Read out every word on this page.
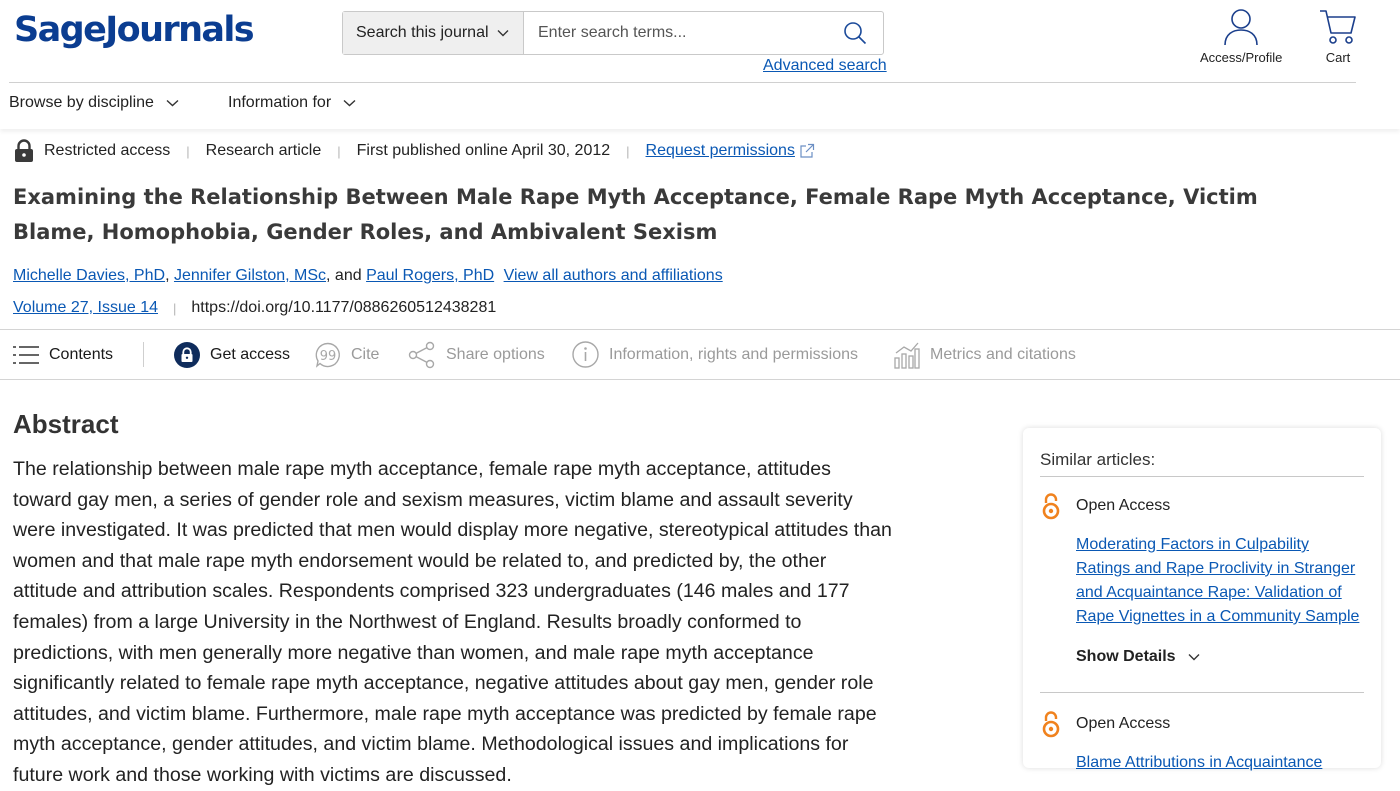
SageJournals	Search this journal
Enter search terms...
Advanced search	Access/Profile	Cart
Browse by discipline	Information for
Restricted access | Research article | First published online April 30, 2012 | Request permissions
Examining the Relationship Between Male Rape Myth Acceptance, Female Rape Myth Acceptance, Victim Blame, Homophobia, Gender Roles, and Ambivalent Sexism
Michelle Davies, PhD, Jennifer Gilston, MSc, and Paul Rogers, PhD View all authors and affiliations
Volume 27, Issue 14 | https://doi.org/10.1177/0886260512438281
Contents	Get access 99 Cite	Share options	Information, rights and permissions	Metrics and citations
Abstract

The relationship between male rape myth acceptance, female rape myth acceptance, attitudes toward gay men, a series of gender role and sexism measures, victim blame and assault severity were investigated. It was predicted that men would display more negative, stereotypical attitudes than women and that male rape myth endorsement would be related to, and predicted by, the other attitude and attribution scales. Respondents comprised 323 undergraduates (146 males and 177 females) from a large University in the Northwest of England. Results broadly conformed to predictions, with men generally more negative than women, and male rape myth acceptance significantly related to female rape myth acceptance, negative attitudes about gay men, gender role attitudes, and victim blame. Furthermore, male rape myth acceptance was predicted by female rape myth acceptance, gender attitudes, and victim blame. Methodological issues and implications for future work and those working with victims are discussed.

Similar articles:
Open Access
Moderating Factors in Culpability Ratings and Rape Proclivity in Stranger and Acquaintance Rape: Validation of Rape Vignettes in a Community Sample
Show Details
Open Access
Blame Attributions in Acquaintance
